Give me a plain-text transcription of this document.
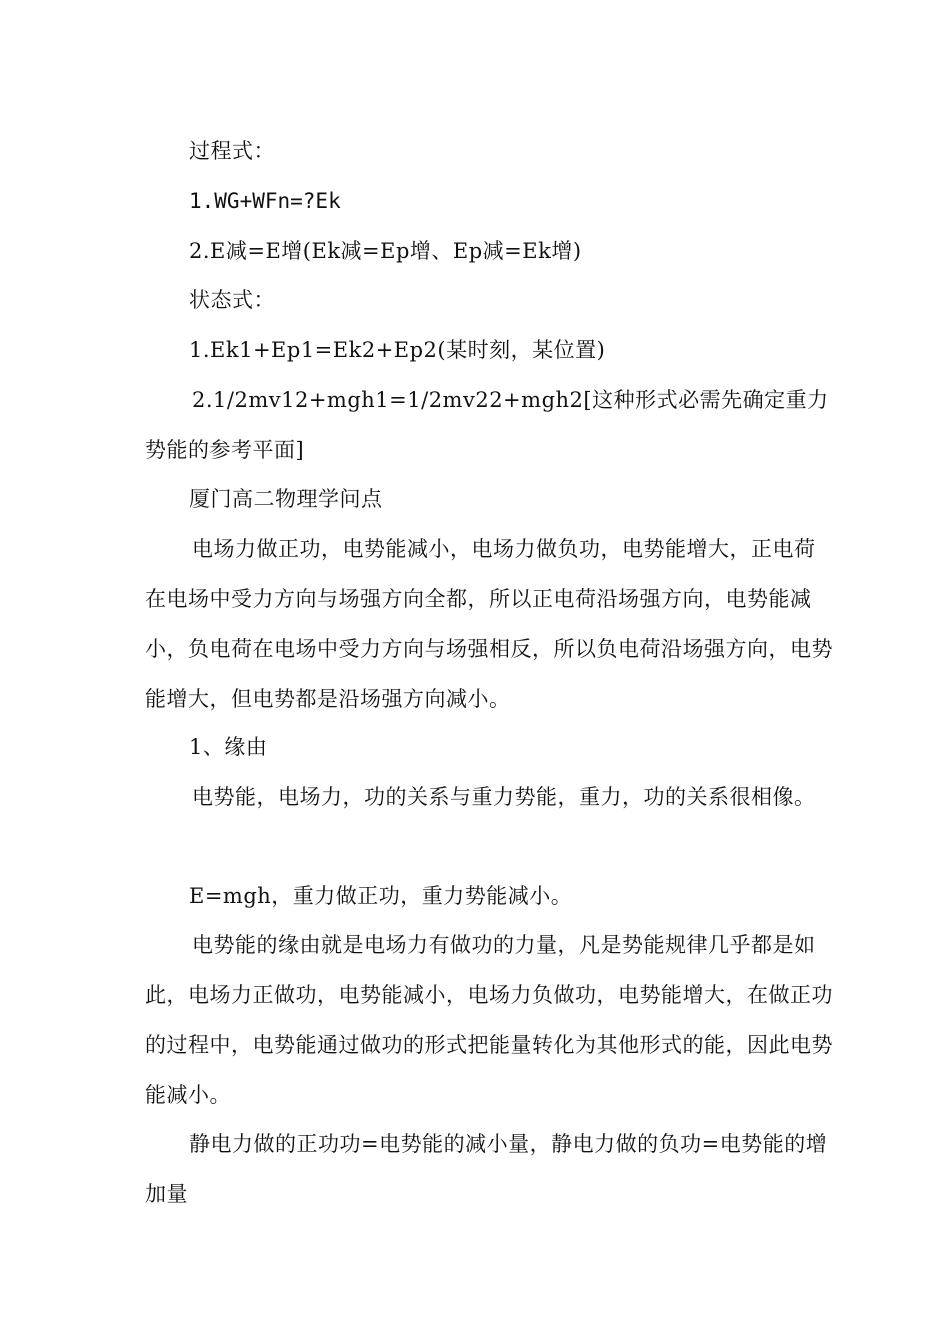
过程式：

1.WG+WFn=?Ek

2.E减=E增(Ek减=Ep增、Ep减=Ek增)

状态式：

1.Ek1+Ep1=Ek2+Ep2(某时刻，某位置)

2.1/2mv12+mgh1=1/2mv22+mgh2[这种形式必需先确定重力势能的参考平面]

厦门高二物理学问点

电场力做正功，电势能减小，电场力做负功，电势能增大，正电荷在电场中受力方向与场强方向全都，所以正电荷沿场强方向，电势能减小，负电荷在电场中受力方向与场强相反，所以负电荷沿场强方向，电势能增大，但电势都是沿场强方向减小。

1、缘由

电势能，电场力，功的关系与重力势能，重力，功的关系很相像。

E=mgh，重力做正功，重力势能减小。

电势能的缘由就是电场力有做功的力量，凡是势能规律几乎都是如此，电场力正做功，电势能减小，电场力负做功，电势能增大，在做正功的过程中，电势能通过做功的形式把能量转化为其他形式的能，因此电势能减小。

静电力做的正功功=电势能的减小量，静电力做的负功=电势能的增加量
